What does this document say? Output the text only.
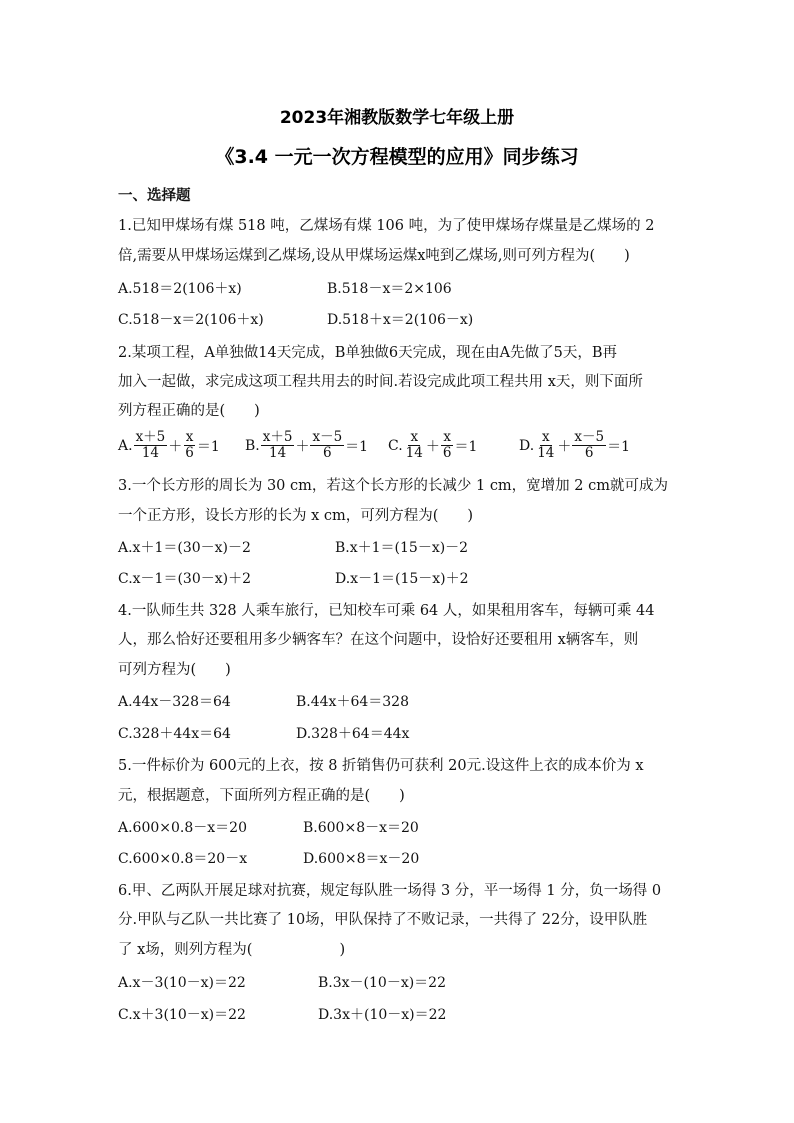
2023年湘教版数学七年级上册
《3.4 一元一次方程模型的应用》同步练习
一、选择题
1.已知甲煤场有煤 518 吨，乙煤场有煤 106 吨，为了使甲煤场存煤量是乙煤场的 2
倍,需要从甲煤场运煤到乙煤场,设从甲煤场运煤x吨到乙煤场,则可列方程为(　　)
A.518＝2(106＋x)	B.518－x＝2×106
C.518－x＝2(106＋x)	D.518＋x＝2(106－x)
2.某项工程，A单独做14天完成，B单独做6天完成，现在由A先做了5天，B再
加入一起做，求完成这项工程共用去的时间.若设完成此项工程共用 x天，则下面所
列方程正确的是(　　)
A. $\frac{x+5}{14} + \frac{x}{6} =1$ B. $\frac{x+5}{14} + \frac{x-5}{6} =1$ C. $\frac{x}{14} + \frac{x}{6} =1$	D. $\frac{x}{14} + \frac{x-5}{6} =1$
3.一个长方形的周长为 30 cm，若这个长方形的长减少 1 cm，宽增加 2 cm就可成为
一个正方形，设长方形的长为 x cm，可列方程为(　　)
A.x＋1＝(30－x)－2	B.x＋1＝(15－x)－2
C.x－1＝(30－x)＋2	D.x－1＝(15－x)＋2
4.一队师生共 328 人乘车旅行，已知校车可乘 64 人，如果租用客车，每辆可乘 44
人，那么恰好还要租用多少辆客车？在这个问题中，设恰好还要租用 x辆客车，则
可列方程为(　　)
A.44x－328＝64	B.44x＋64＝328
C.328＋44x＝64	D.328＋64＝44x
5.一件标价为 600元的上衣，按 8 折销售仍可获利 20元.设这件上衣的成本价为 x
元，根据题意，下面所列方程正确的是(　　)
A.600×0.8－x＝20	B.600×8－x＝20
C.600×0.8＝20－x	D.600×8＝x－20
6.甲、乙两队开展足球对抗赛，规定每队胜一场得 3 分，平一场得 1 分，负一场得 0
分.甲队与乙队一共比赛了 10场，甲队保持了不败记录，一共得了 22分，设甲队胜
了 x场，则列方程为(　　　　　　)
A.x－3(10－x)＝22	B.3x－(10－x)＝22
C.x＋3(10－x)＝22	D.3x＋(10－x)＝22
